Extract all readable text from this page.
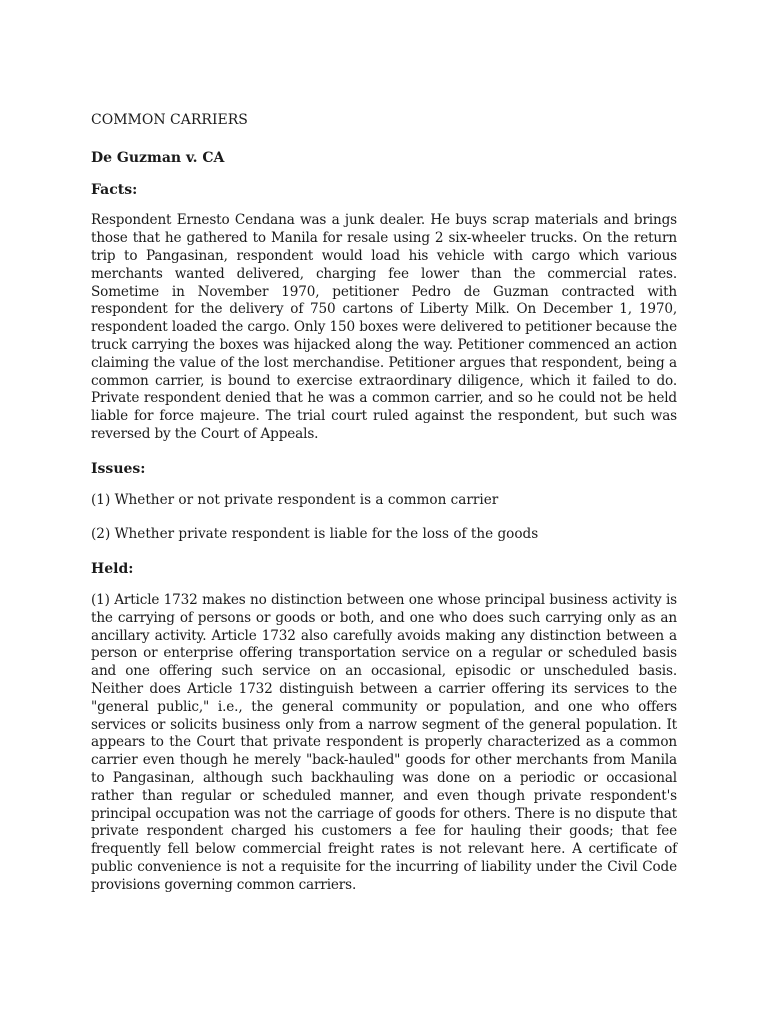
COMMON CARRIERS

De Guzman v. CA

Facts:

Respondent Ernesto Cendana was a junk dealer. He buys scrap materials and brings those that he gathered to Manila for resale using 2 six-wheeler trucks. On the return trip to Pangasinan, respondent would load his vehicle with cargo which various merchants wanted delivered, charging fee lower than the commercial rates. Sometime in November 1970, petitioner Pedro de Guzman contracted with respondent for the delivery of 750 cartons of Liberty Milk. On December 1, 1970, respondent loaded the cargo. Only 150 boxes were delivered to petitioner because the truck carrying the boxes was hijacked along the way. Petitioner commenced an action claiming the value of the lost merchandise. Petitioner argues that respondent, being a common carrier, is bound to exercise extraordinary diligence, which it failed to do. Private respondent denied that he was a common carrier, and so he could not be held liable for force majeure. The trial court ruled against the respondent, but such was reversed by the Court of Appeals.

Issues:

(1) Whether or not private respondent is a common carrier

(2) Whether private respondent is liable for the loss of the goods

Held:

(1) Article 1732 makes no distinction between one whose principal business activity is the carrying of persons or goods or both, and one who does such carrying only as an ancillary activity. Article 1732 also carefully avoids making any distinction between a person or enterprise offering transportation service on a regular or scheduled basis and one offering such service on an occasional, episodic or unscheduled basis. Neither does Article 1732 distinguish between a carrier offering its services to the "general public," i.e., the general community or population, and one who offers services or solicits business only from a narrow segment of the general population. It appears to the Court that private respondent is properly characterized as a common carrier even though he merely "back-hauled" goods for other merchants from Manila to Pangasinan, although such backhauling was done on a periodic or occasional rather than regular or scheduled manner, and even though private respondent's principal occupation was not the carriage of goods for others. There is no dispute that private respondent charged his customers a fee for hauling their goods; that fee frequently fell below commercial freight rates is not relevant here. A certificate of public convenience is not a requisite for the incurring of liability under the Civil Code provisions governing common carriers.
